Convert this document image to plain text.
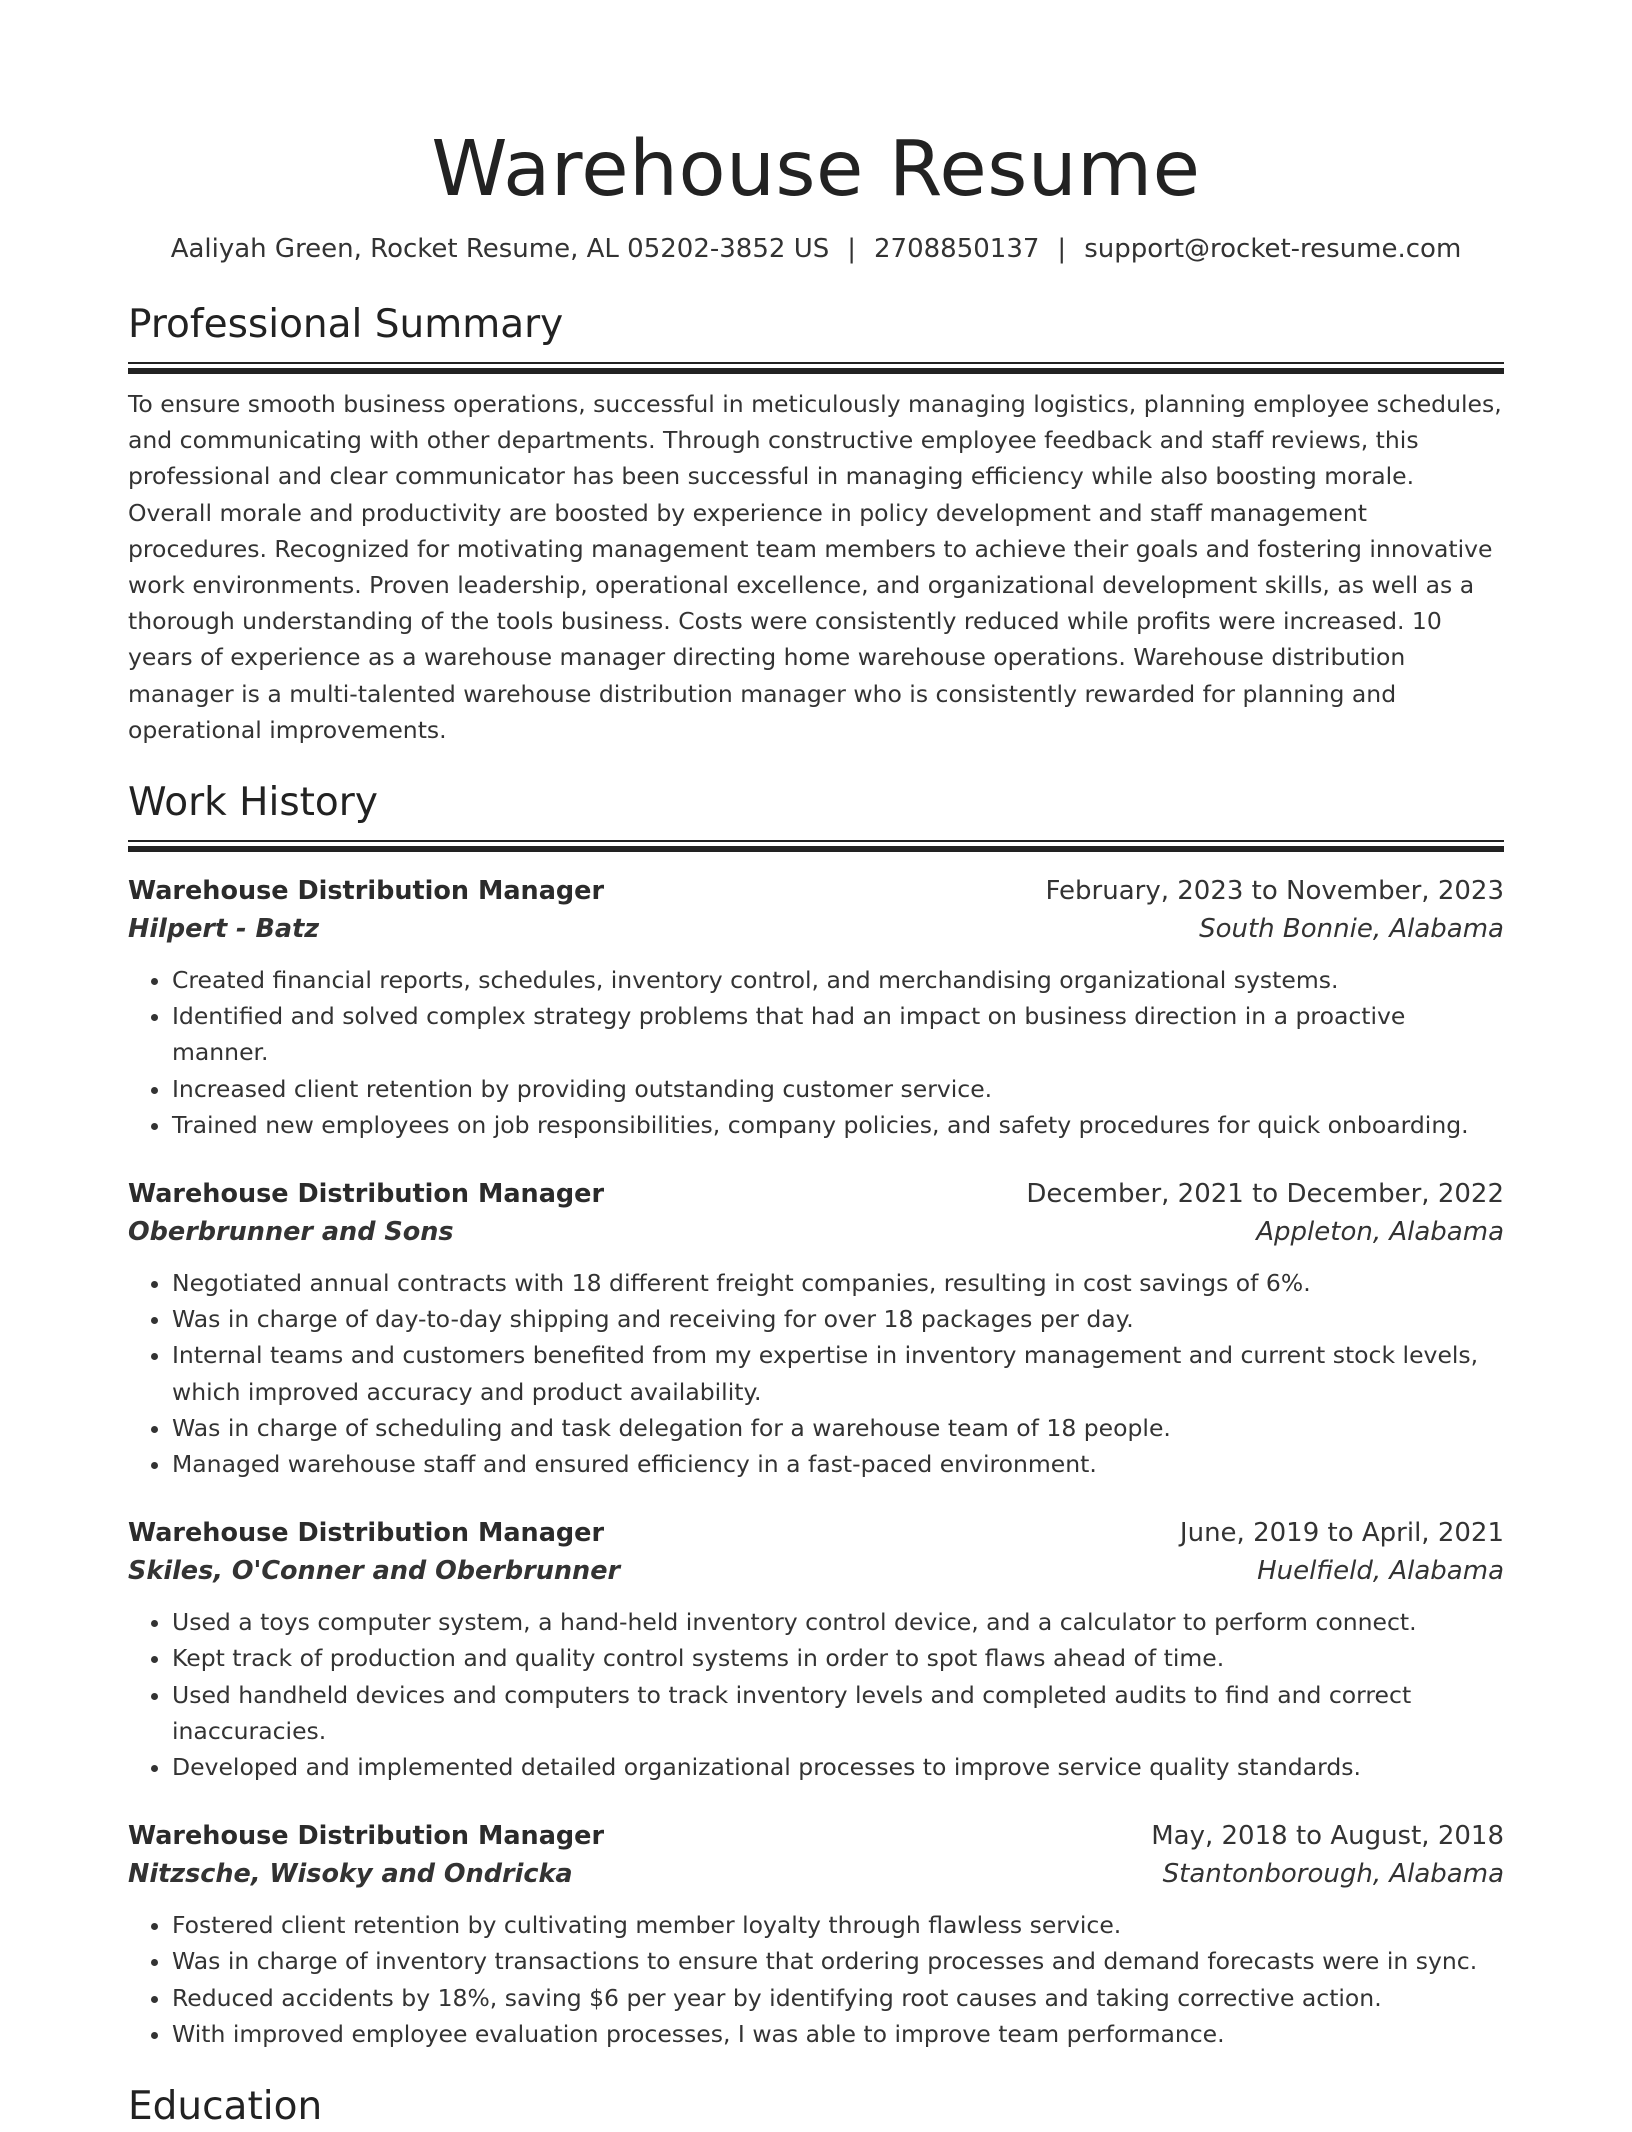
Warehouse Resume
Aaliyah Green, Rocket Resume, AL 05202-3852 US | 2708850137 | support@rocket-resume.com
Professional Summary
To ensure smooth business operations, successful in meticulously managing logistics, planning employee schedules, and communicating with other departments. Through constructive employee feedback and staff reviews, this professional and clear communicator has been successful in managing efficiency while also boosting morale. Overall morale and productivity are boosted by experience in policy development and staff management procedures. Recognized for motivating management team members to achieve their goals and fostering innovative work environments. Proven leadership, operational excellence, and organizational development skills, as well as a thorough understanding of the tools business. Costs were consistently reduced while profits were increased. 10 years of experience as a warehouse manager directing home warehouse operations. Warehouse distribution manager is a multi-talented warehouse distribution manager who is consistently rewarded for planning and operational improvements.
Work History
Warehouse Distribution Manager	February, 2023 to November, 2023
Hilpert - Batz	South Bonnie, Alabama
• Created financial reports, schedules, inventory control, and merchandising organizational systems.
• Identified and solved complex strategy problems that had an impact on business direction in a proactive manner.
• Increased client retention by providing outstanding customer service.
• Trained new employees on job responsibilities, company policies, and safety procedures for quick onboarding.
Warehouse Distribution Manager	December, 2021 to December, 2022
Oberbrunner and Sons	Appleton, Alabama
• Negotiated annual contracts with 18 different freight companies, resulting in cost savings of 6%.
• Was in charge of day-to-day shipping and receiving for over 18 packages per day.
• Internal teams and customers benefited from my expertise in inventory management and current stock levels, which improved accuracy and product availability.
• Was in charge of scheduling and task delegation for a warehouse team of 18 people.
• Managed warehouse staff and ensured efficiency in a fast-paced environment.
Warehouse Distribution Manager	June, 2019 to April, 2021
Skiles, O'Conner and Oberbrunner	Huelfield, Alabama
• Used a toys computer system, a hand-held inventory control device, and a calculator to perform connect.
• Kept track of production and quality control systems in order to spot flaws ahead of time.
• Used handheld devices and computers to track inventory levels and completed audits to find and correct inaccuracies.
• Developed and implemented detailed organizational processes to improve service quality standards.
Warehouse Distribution Manager	May, 2018 to August, 2018
Nitzsche, Wisoky and Ondricka	Stantonborough, Alabama
• Fostered client retention by cultivating member loyalty through flawless service.
• Was in charge of inventory transactions to ensure that ordering processes and demand forecasts were in sync.
• Reduced accidents by 18%, saving $6 per year by identifying root causes and taking corrective action.
• With improved employee evaluation processes, I was able to improve team performance.
Education
